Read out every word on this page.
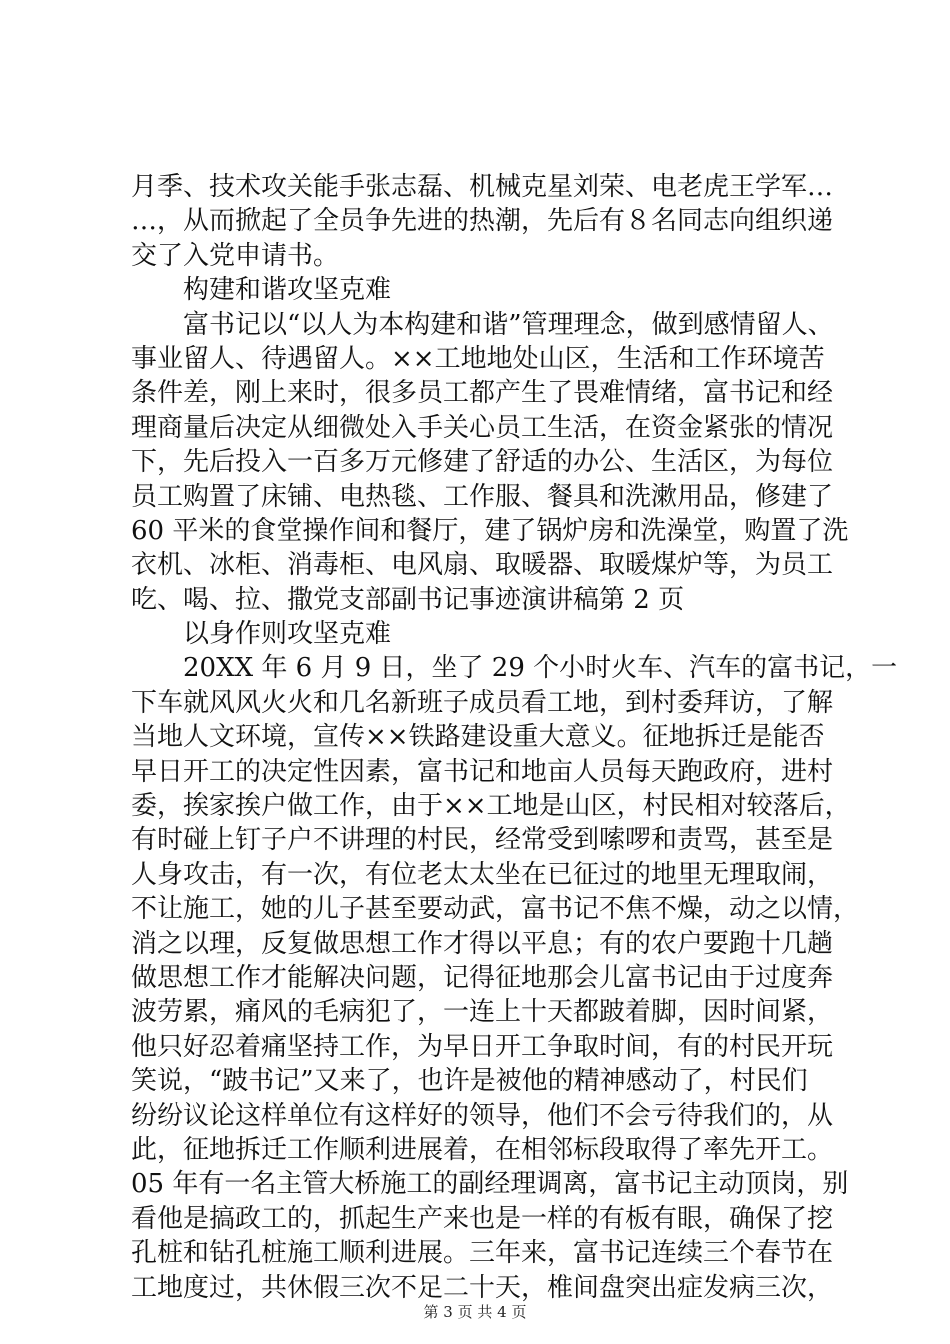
月季、技术攻关能手张志磊、机械克星刘荣、电老虎王学军…
…，从而掀起了全员争先进的热潮，先后有８名同志向组织递
交了入党申请书。
　　构建和谐攻坚克难
　　富书记以“以人为本构建和谐”管理理念，做到感情留人、
事业留人、待遇留人。××工地地处山区，生活和工作环境苦
条件差，刚上来时，很多员工都产生了畏难情绪，富书记和经
理商量后决定从细微处入手关心员工生活，在资金紧张的情况
下，先后投入一百多万元修建了舒适的办公、生活区，为每位
员工购置了床铺、电热毯、工作服、餐具和洗漱用品，修建了
60 平米的食堂操作间和餐厅，建了锅炉房和洗澡堂，购置了洗
衣机、冰柜、消毒柜、电风扇、取暖器、取暖煤炉等，为员工
吃、喝、拉、撒党支部副书记事迹演讲稿第 2 页
　　以身作则攻坚克难
　　20XX 年 6 月 9 日，坐了 29 个小时火车、汽车的富书记，一
下车就风风火火和几名新班子成员看工地，到村委拜访，了解
当地人文环境，宣传××铁路建设重大意义。征地拆迁是能否
早日开工的决定性因素，富书记和地亩人员每天跑政府，进村
委，挨家挨户做工作，由于××工地是山区，村民相对较落后，
有时碰上钉子户不讲理的村民，经常受到嗦啰和责骂，甚至是
人身攻击，有一次，有位老太太坐在已征过的地里无理取闹，
不让施工，她的儿子甚至要动武，富书记不焦不燥，动之以情，
消之以理，反复做思想工作才得以平息；有的农户要跑十几趟
做思想工作才能解决问题，记得征地那会儿富书记由于过度奔
波劳累，痛风的毛病犯了，一连上十天都跛着脚，因时间紧，
他只好忍着痛坚持工作，为早日开工争取时间，有的村民开玩
笑说，“跛书记”又来了，也许是被他的精神感动了，村民们
纷纷议论这样单位有这样好的领导，他们不会亏待我们的，从
此，征地拆迁工作顺利进展着，在相邻标段取得了率先开工。
05 年有一名主管大桥施工的副经理调离，富书记主动顶岗，别
看他是搞政工的，抓起生产来也是一样的有板有眼，确保了挖
孔桩和钻孔桩施工顺利进展。三年来，富书记连续三个春节在
工地度过，共休假三次不足二十天，椎间盘突出症发病三次，
第 3 页 共 4 页
